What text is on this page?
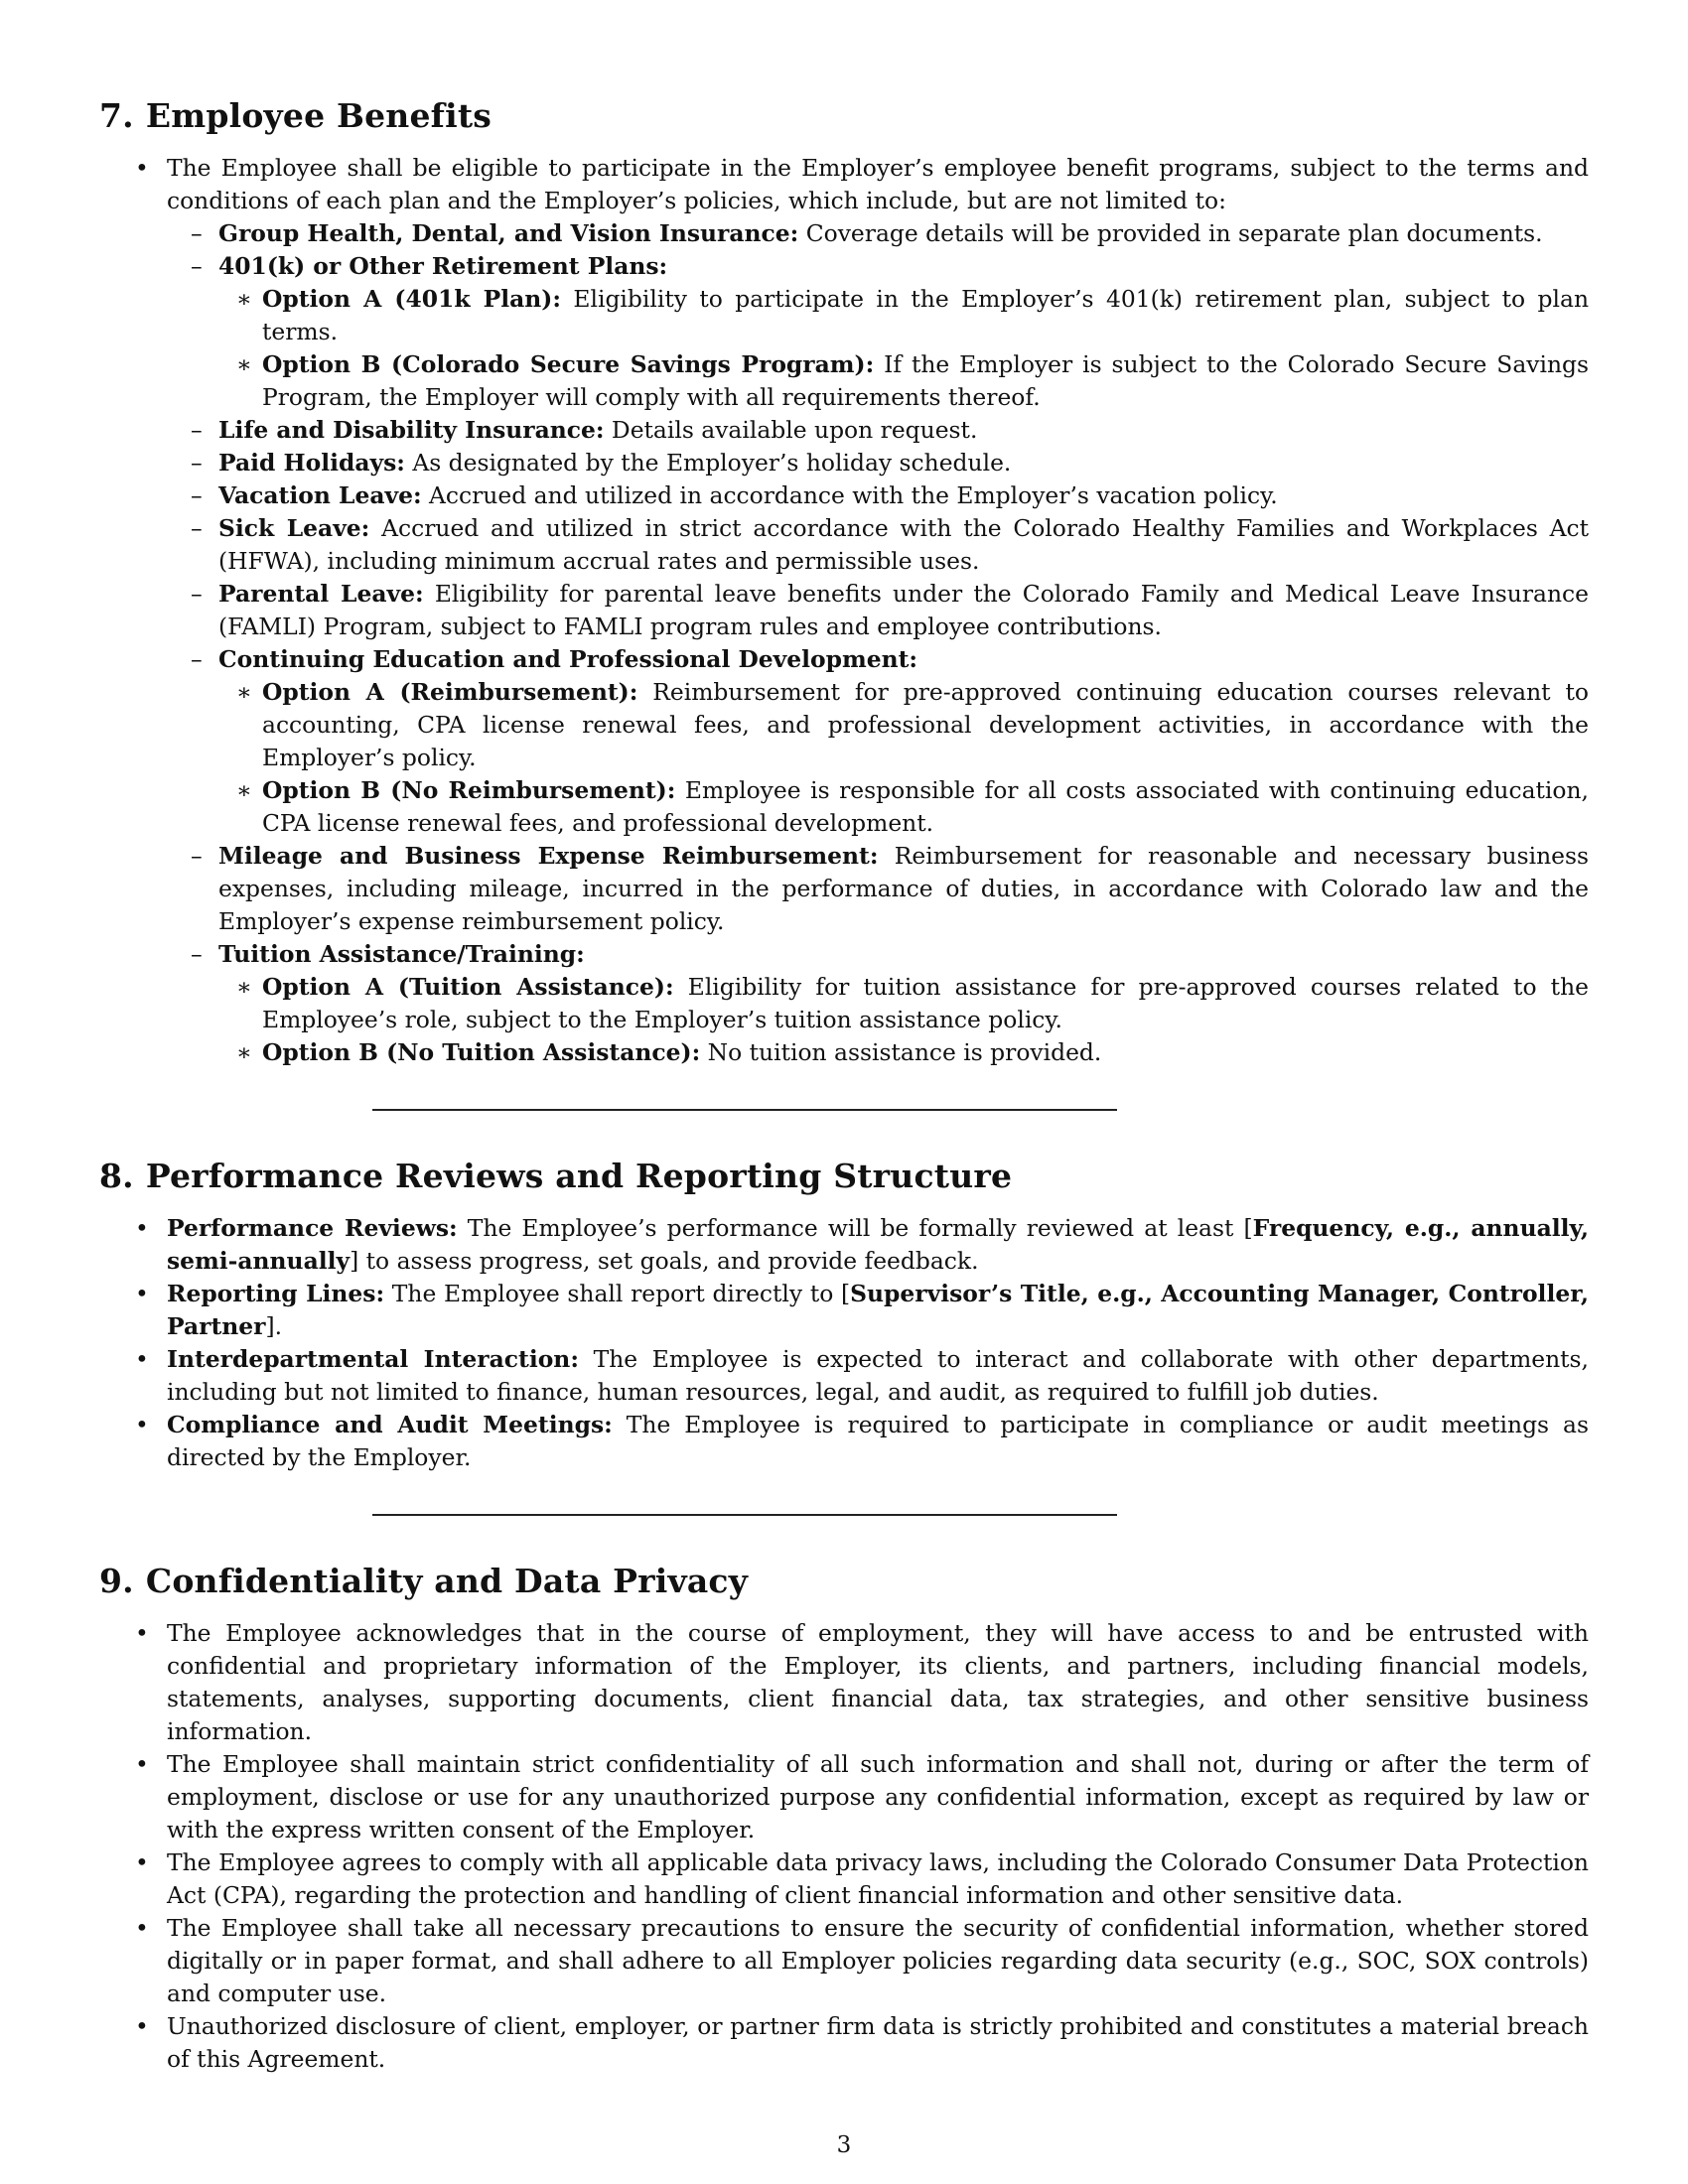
7. Employee Benefits
• The Employee shall be eligible to participate in the Employer’s employee benefit programs, subject to the terms and conditions of each plan and the Employer’s policies, which include, but are not limited to:
– Group Health, Dental, and Vision Insurance: Coverage details will be provided in separate plan documents.
– 401(k) or Other Retirement Plans:
∗ Option A (401k Plan): Eligibility to participate in the Employer’s 401(k) retirement plan, subject to plan terms.
∗ Option B (Colorado Secure Savings Program): If the Employer is subject to the Colorado Secure Savings Program, the Employer will comply with all requirements thereof.
– Life and Disability Insurance: Details available upon request.
– Paid Holidays: As designated by the Employer’s holiday schedule.
– Vacation Leave: Accrued and utilized in accordance with the Employer’s vacation policy.
– Sick Leave: Accrued and utilized in strict accordance with the Colorado Healthy Families and Workplaces Act (HFWA), including minimum accrual rates and permissible uses.
– Parental Leave: Eligibility for parental leave benefits under the Colorado Family and Medical Leave Insurance (FAMLI) Program, subject to FAMLI program rules and employee contributions.
– Continuing Education and Professional Development:
∗ Option A (Reimbursement): Reimbursement for pre-approved continuing education courses relevant to accounting, CPA license renewal fees, and professional development activities, in accordance with the Employer’s policy.
∗ Option B (No Reimbursement): Employee is responsible for all costs associated with continuing education, CPA license renewal fees, and professional development.
– Mileage and Business Expense Reimbursement: Reimbursement for reasonable and necessary business expenses, including mileage, incurred in the performance of duties, in accordance with Colorado law and the Employer’s expense reimbursement policy.
– Tuition Assistance/Training:
∗ Option A (Tuition Assistance): Eligibility for tuition assistance for pre-approved courses related to the Employee’s role, subject to the Employer’s tuition assistance policy.
∗ Option B (No Tuition Assistance): No tuition assistance is provided.
8. Performance Reviews and Reporting Structure
• Performance Reviews: The Employee’s performance will be formally reviewed at least [Frequency, e.g., annually, semi-annually] to assess progress, set goals, and provide feedback.
• Reporting Lines: The Employee shall report directly to [Supervisor’s Title, e.g., Accounting Manager, Controller, Partner].
• Interdepartmental Interaction: The Employee is expected to interact and collaborate with other departments, including but not limited to finance, human resources, legal, and audit, as required to fulfill job duties.
• Compliance and Audit Meetings: The Employee is required to participate in compliance or audit meetings as directed by the Employer.
9. Confidentiality and Data Privacy
• The Employee acknowledges that in the course of employment, they will have access to and be entrusted with confidential and proprietary information of the Employer, its clients, and partners, including financial models, statements, analyses, supporting documents, client financial data, tax strategies, and other sensitive business information.
• The Employee shall maintain strict confidentiality of all such information and shall not, during or after the term of employment, disclose or use for any unauthorized purpose any confidential information, except as required by law or with the express written consent of the Employer.
• The Employee agrees to comply with all applicable data privacy laws, including the Colorado Consumer Data Protection Act (CPA), regarding the protection and handling of client financial information and other sensitive data.
• The Employee shall take all necessary precautions to ensure the security of confidential information, whether stored digitally or in paper format, and shall adhere to all Employer policies regarding data security (e.g., SOC, SOX controls) and computer use.
• Unauthorized disclosure of client, employer, or partner firm data is strictly prohibited and constitutes a material breach of this Agreement.
3
